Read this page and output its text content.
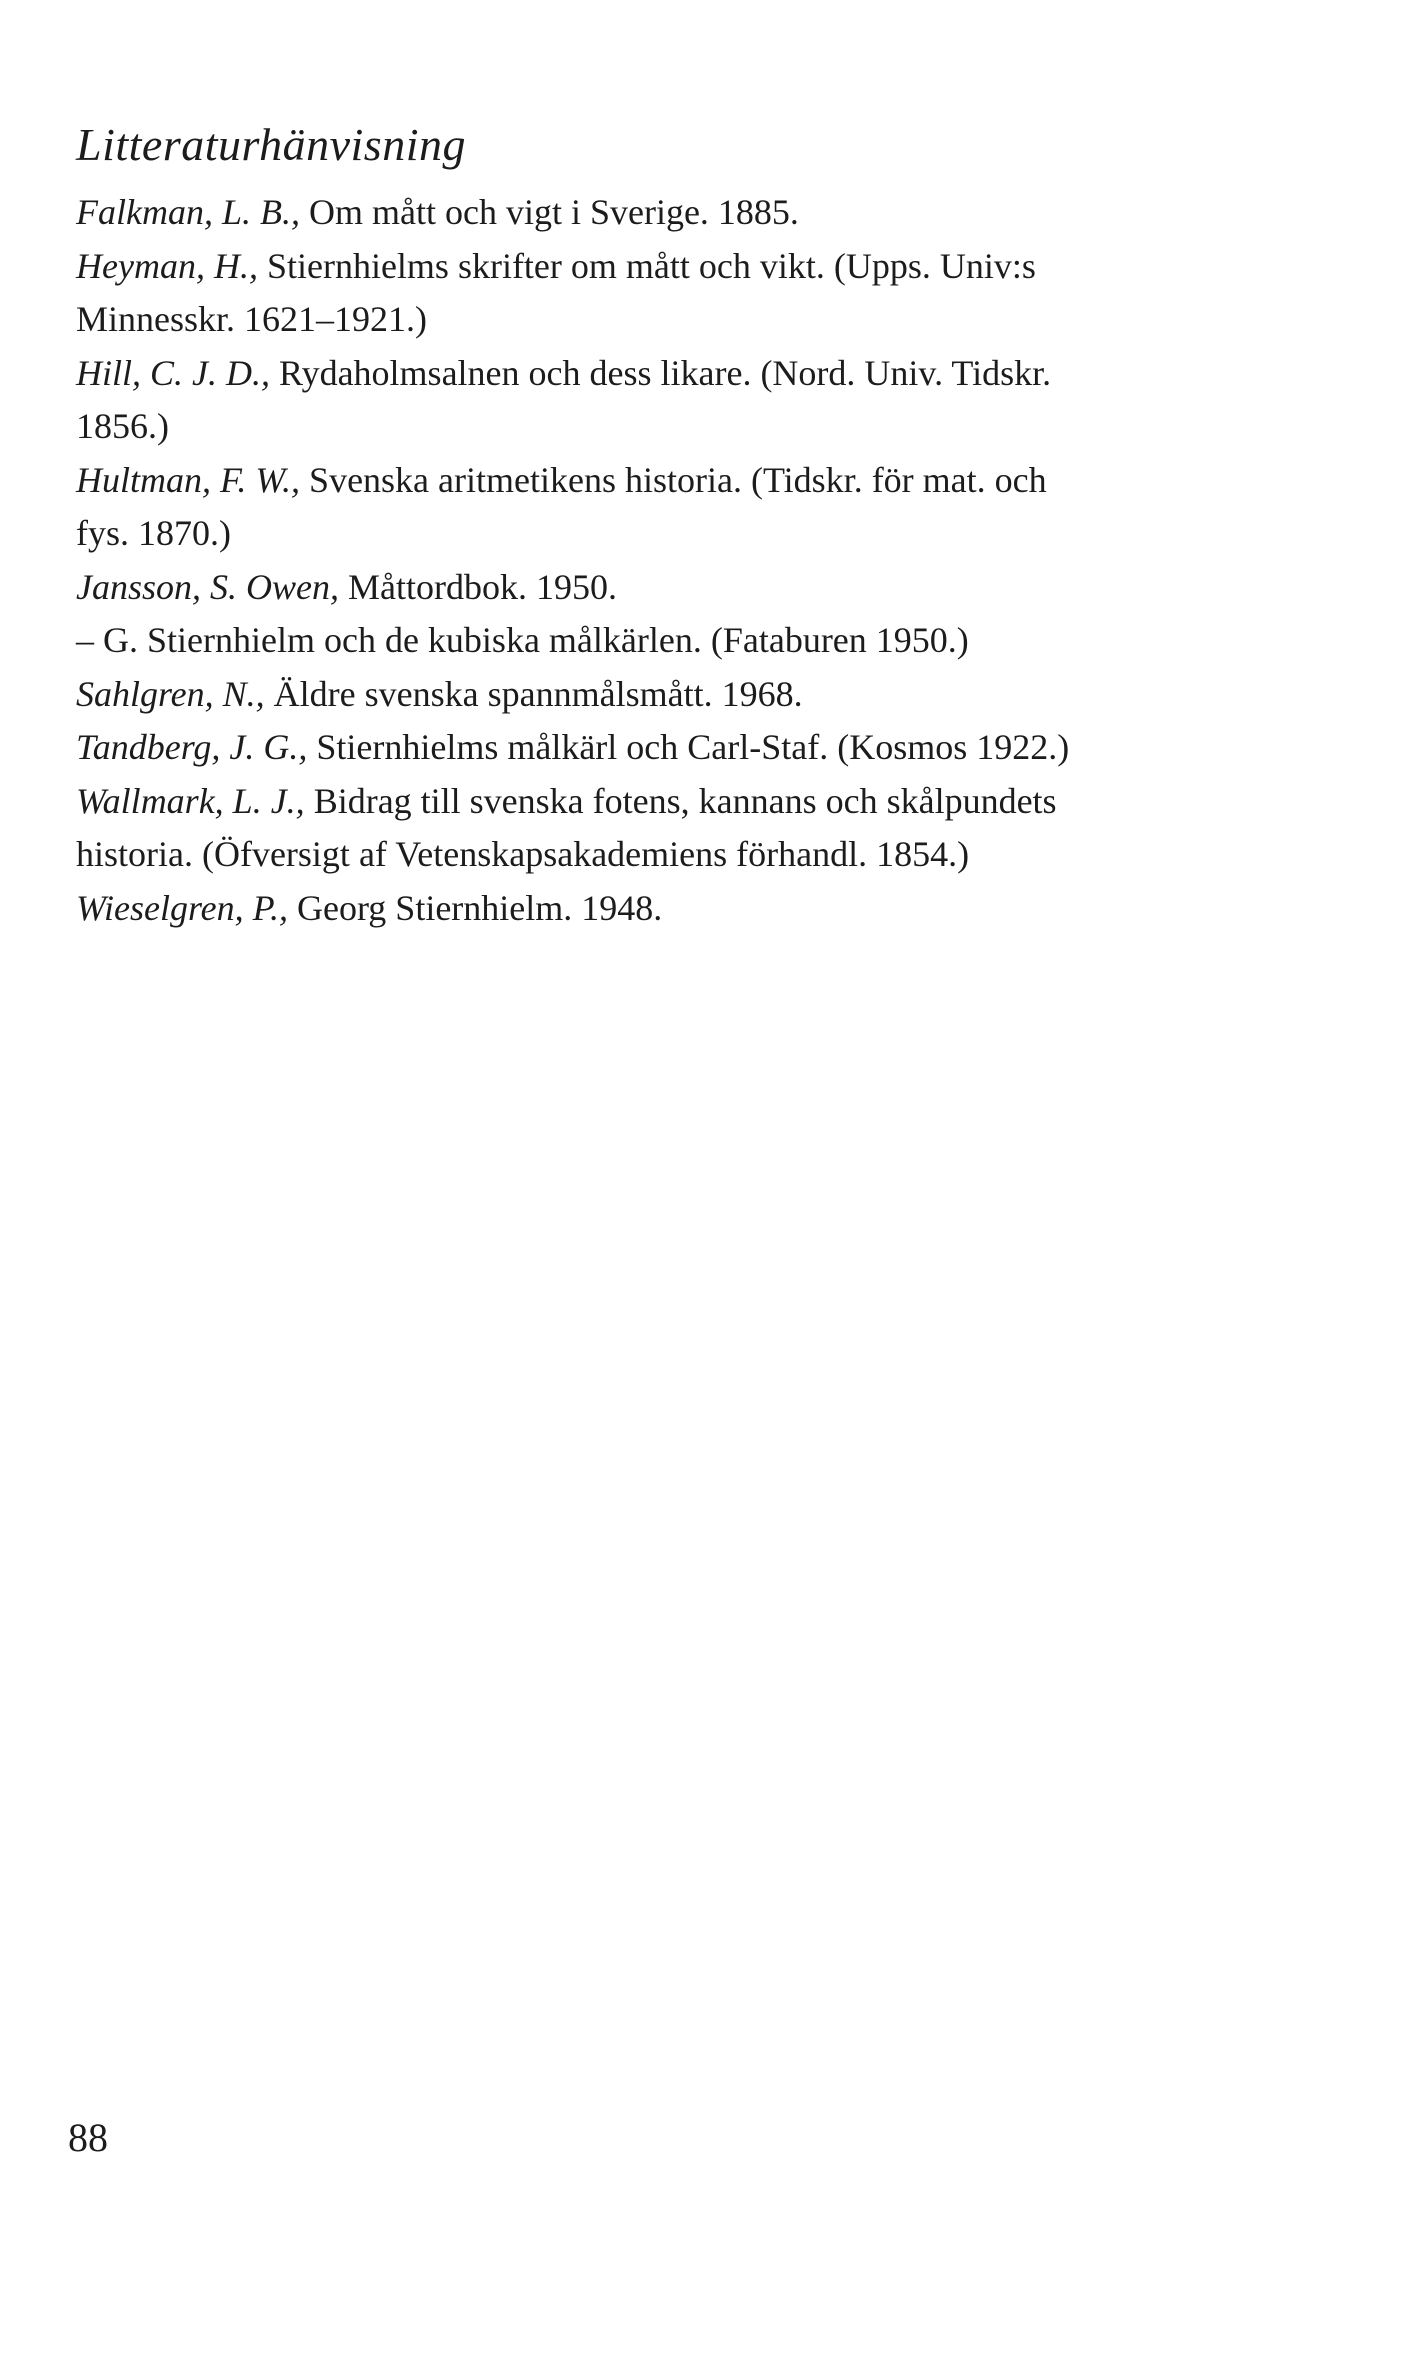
Litteraturhänvisning
Falkman, L. B., Om mått och vigt i Sverige. 1885.
Heyman, H., Stiernhielms skrifter om mått och vikt. (Upps. Univ:s
Minnesskr. 1621–1921.)
Hill, C. J. D., Rydaholmsalnen och dess likare. (Nord. Univ. Tidskr.
1856.)
Hultman, F. W., Svenska aritmetikens historia. (Tidskr. för mat. och
fys. 1870.)
Jansson, S. Owen, Måttordbok. 1950.
– G. Stiernhielm och de kubiska målkärlen. (Fataburen 1950.)
Sahlgren, N., Äldre svenska spannmålsmått. 1968.
Tandberg, J. G., Stiernhielms målkärl och Carl-Staf. (Kosmos 1922.)
Wallmark, L. J., Bidrag till svenska fotens, kannans och skålpundets
historia. (Öfversigt af Vetenskapsakademiens förhandl. 1854.)
Wieselgren, P., Georg Stiernhielm. 1948.
88
